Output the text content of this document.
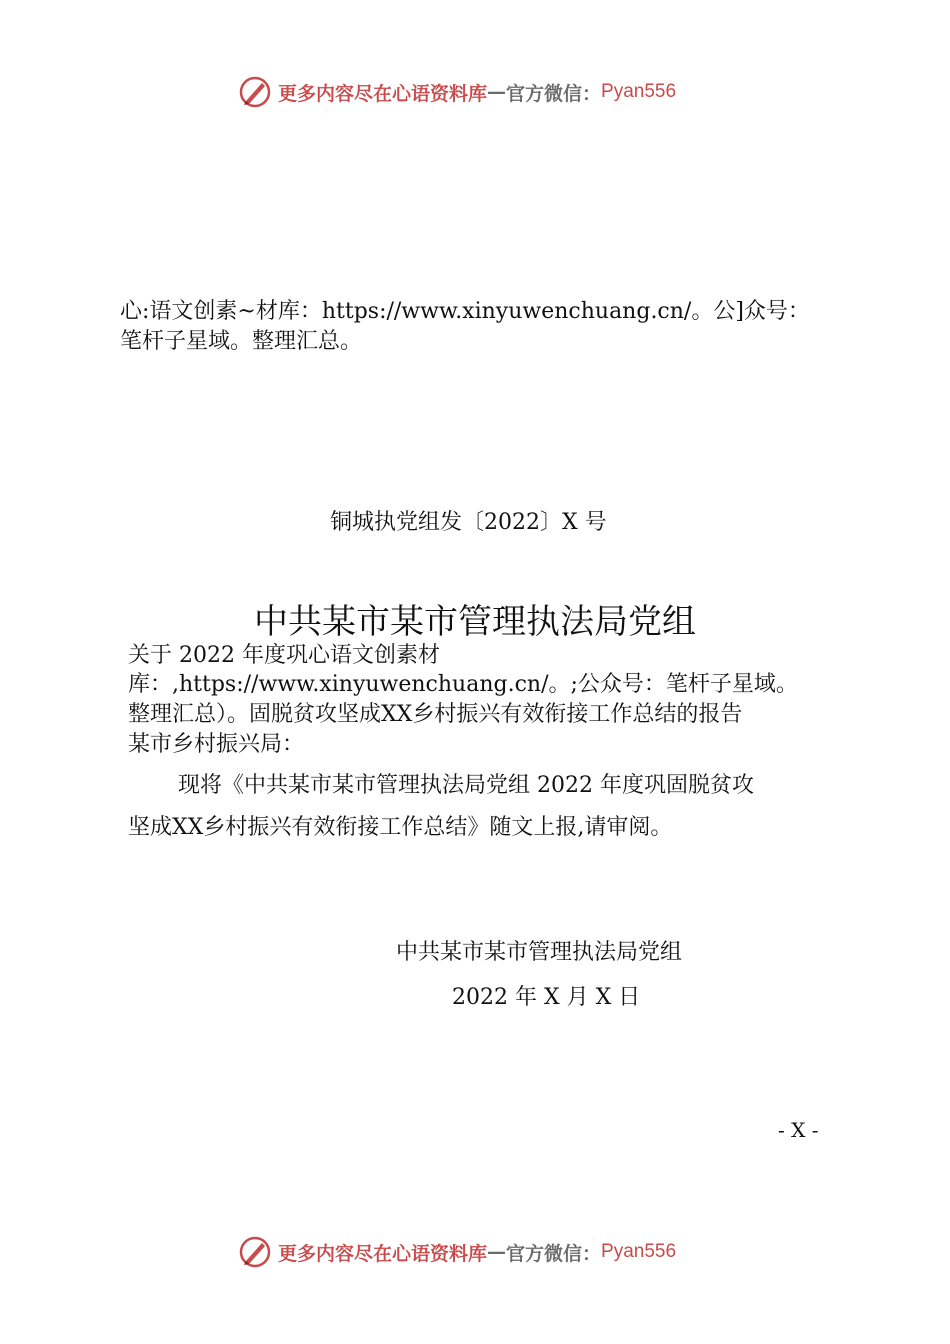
更多内容尽在心语资料库 — 官方微信： Pyan556
心:语文创素~材库：https://www.xinyuwenchuang.cn/。公]众号：
笔杆子星域。整理汇总。
铜城执党组发〔2022〕X 号
中共某市某市管理执法局党组
关于 2022 年度巩心语文创素材
库：,https://www.xinyuwenchuang.cn/。;公众号：笔杆子星域。
整理汇总）。固脱贫攻坚成XX乡村振兴有效衔接工作总结的报告
某市乡村振兴局：
现将《中共某市某市管理执法局党组 2022 年度巩固脱贫攻
坚成XX乡村振兴有效衔接工作总结》随文上报,请审阅。
中共某市某市管理执法局党组
2022 年 X 月 X 日
- X -
更多内容尽在心语资料库 — 官方微信： Pyan556
